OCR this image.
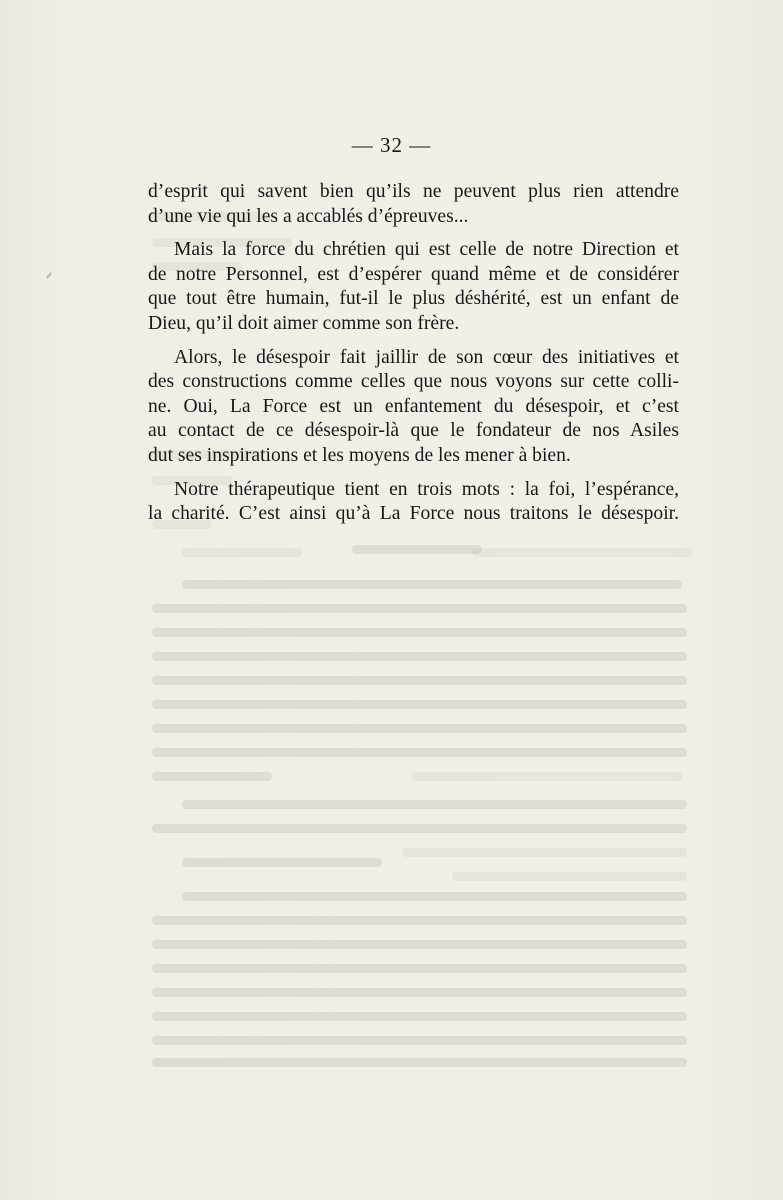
— 32 —
d’esprit qui savent bien qu’ils ne peuvent plus rien attendre
d’une vie qui les a accablés d’épreuves...
Mais la force du chrétien qui est celle de notre Direction et
de notre Personnel, est d’espérer quand même et de considérer
que tout être humain, fut-il le plus déshérité, est un enfant de
Dieu, qu’il doit aimer comme son frère.
Alors, le désespoir fait jaillir de son cœur des initiatives et
des constructions comme celles que nous voyons sur cette colli-
ne. Oui, La Force est un enfantement du désespoir, et c’est
au contact de ce désespoir-là que le fondateur de nos Asiles
dut ses inspirations et les moyens de les mener à bien.
Notre thérapeutique tient en trois mots : la foi, l’espérance,
la charité. C’est ainsi qu’à La Force nous traitons le désespoir.
